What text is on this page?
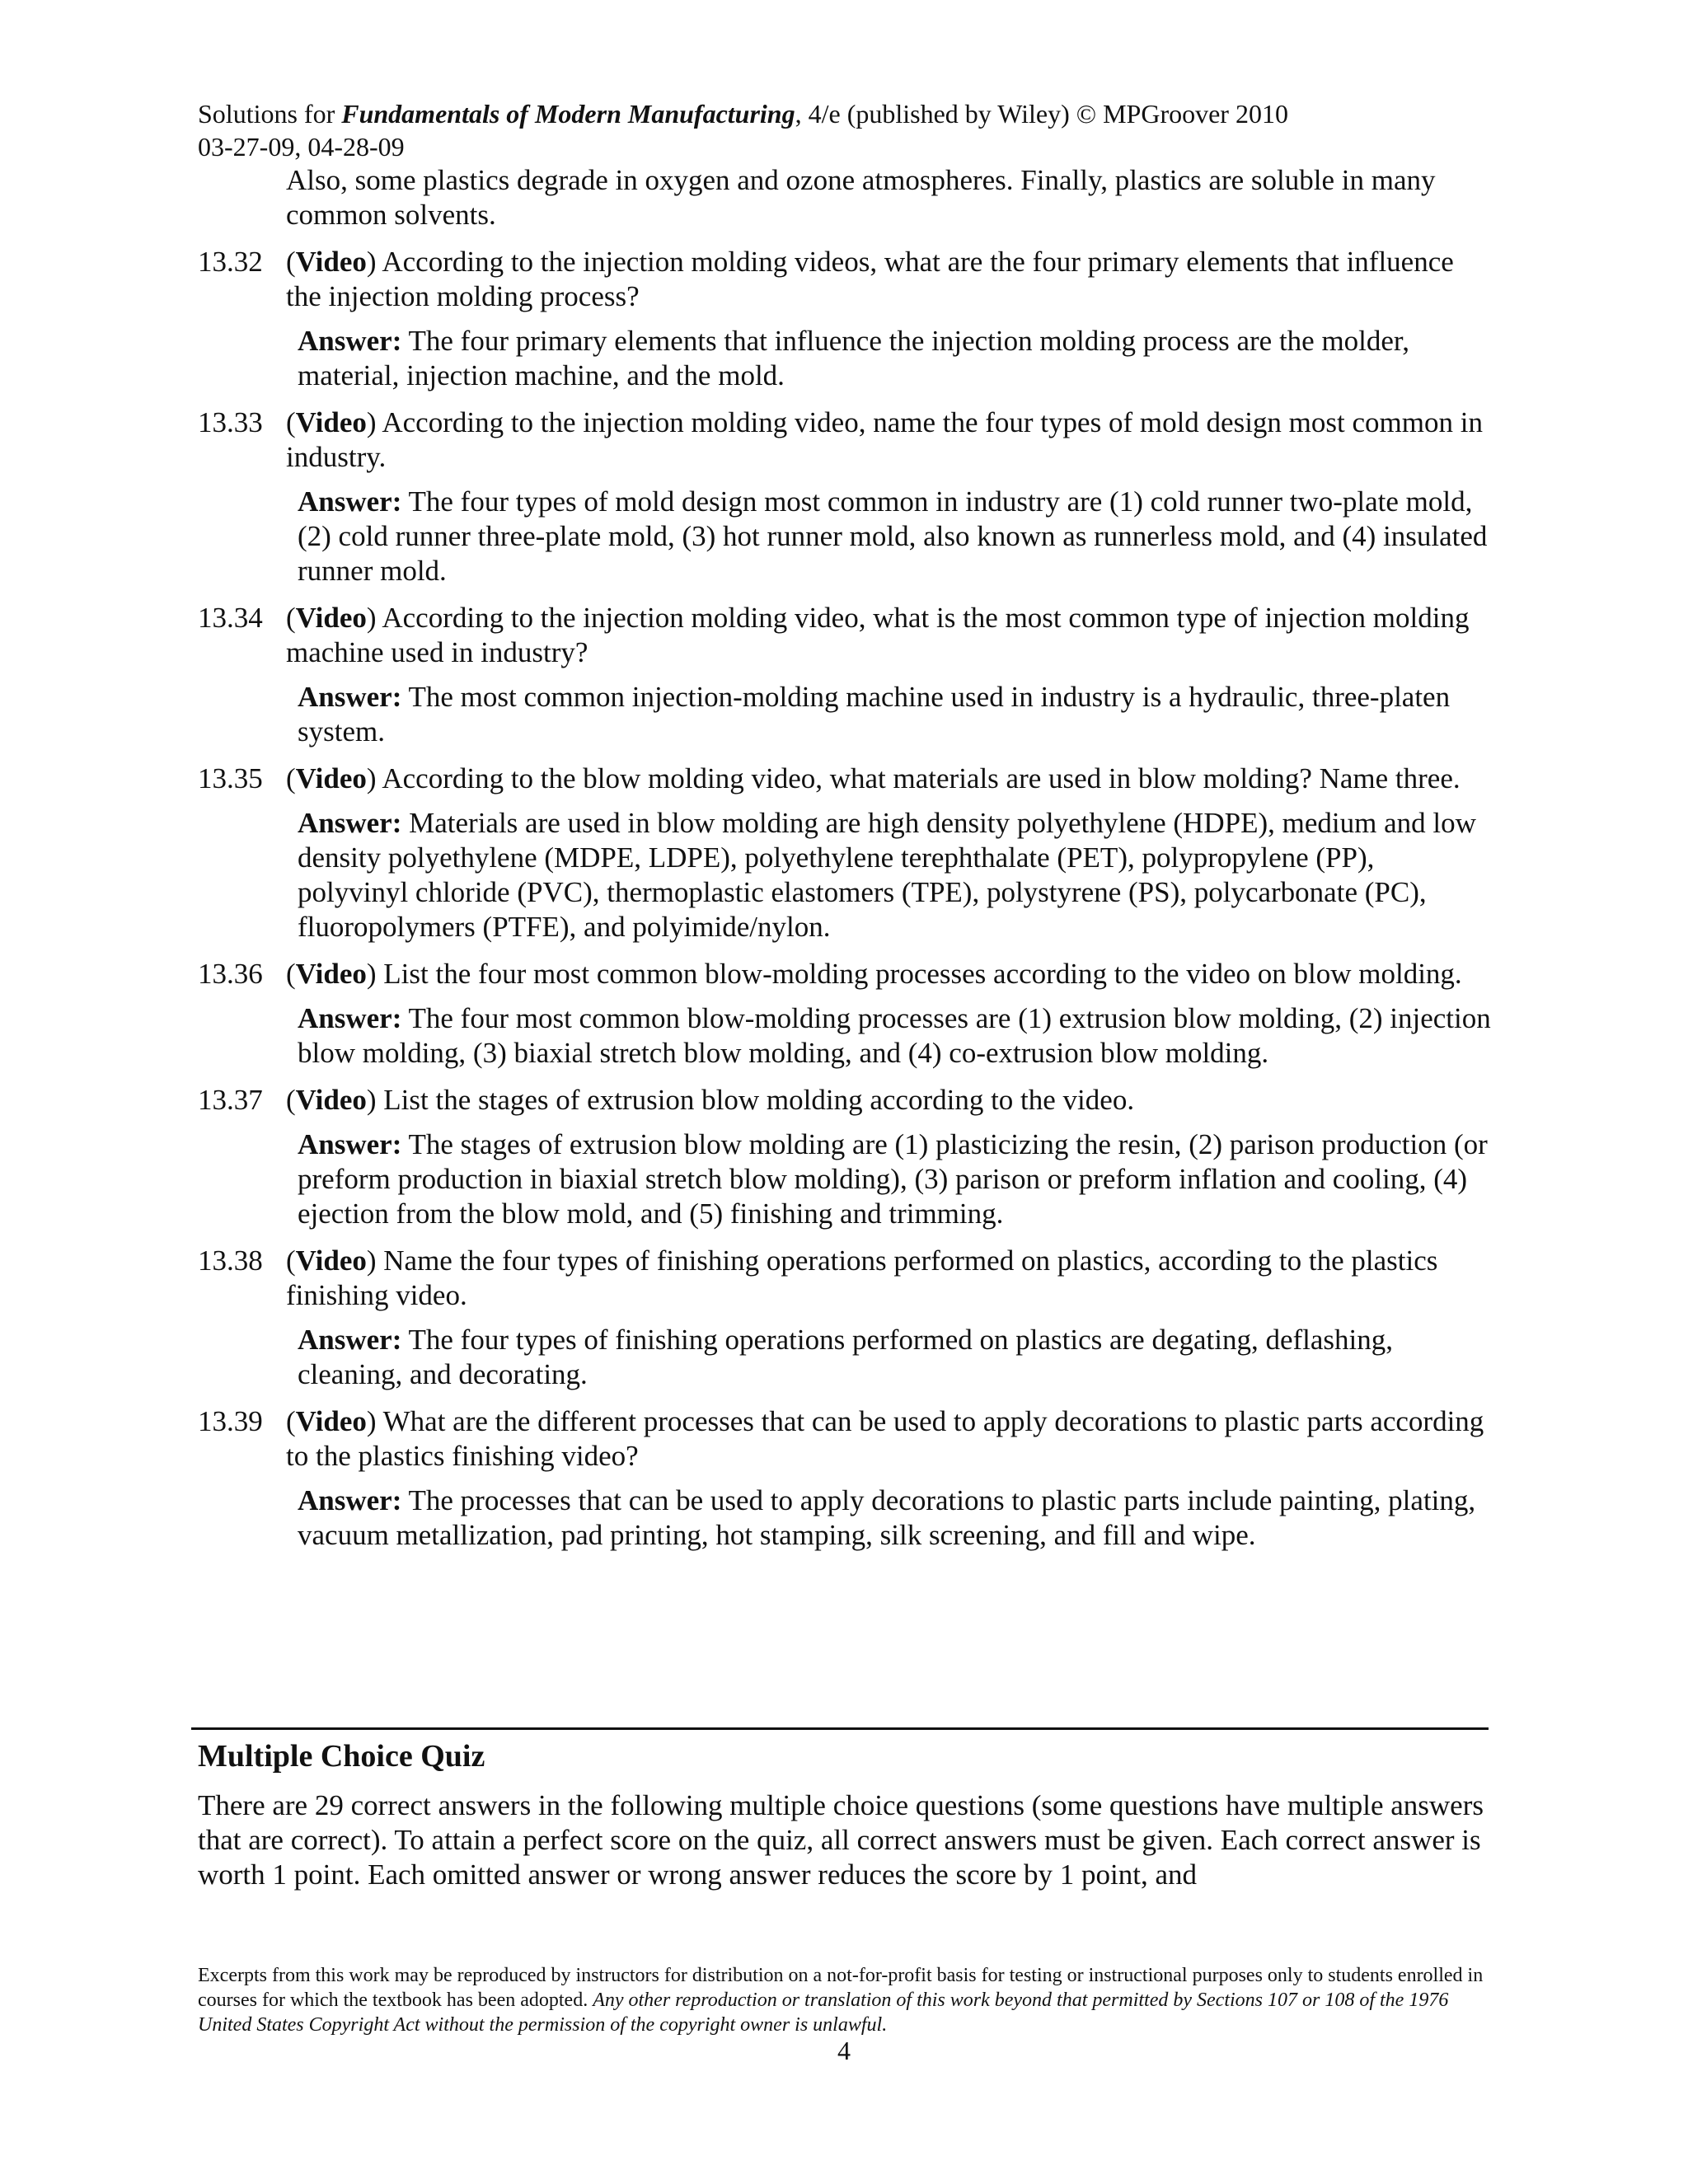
Solutions for Fundamentals of Modern Manufacturing, 4/e (published by Wiley) © MPGroover 2010
03-27-09, 04-28-09

Also, some plastics degrade in oxygen and ozone atmospheres. Finally, plastics are soluble in many common solvents.

13.32 (Video) According to the injection molding videos, what are the four primary elements that influence the injection molding process?

Answer: The four primary elements that influence the injection molding process are the molder, material, injection machine, and the mold.

13.33 (Video) According to the injection molding video, name the four types of mold design most common in industry.

Answer: The four types of mold design most common in industry are (1) cold runner two-plate mold, (2) cold runner three-plate mold, (3) hot runner mold, also known as runnerless mold, and (4) insulated runner mold.

13.34 (Video) According to the injection molding video, what is the most common type of injection molding machine used in industry?

Answer: The most common injection-molding machine used in industry is a hydraulic, three-platen system.

13.35 (Video) According to the blow molding video, what materials are used in blow molding? Name three.

Answer: Materials are used in blow molding are high density polyethylene (HDPE), medium and low density polyethylene (MDPE, LDPE), polyethylene terephthalate (PET), polypropylene (PP), polyvinyl chloride (PVC), thermoplastic elastomers (TPE), polystyrene (PS), polycarbonate (PC), fluoropolymers (PTFE), and polyimide/nylon.

13.36 (Video) List the four most common blow-molding processes according to the video on blow molding.

Answer: The four most common blow-molding processes are (1) extrusion blow molding, (2) injection blow molding, (3) biaxial stretch blow molding, and (4) co-extrusion blow molding.

13.37 (Video) List the stages of extrusion blow molding according to the video.

Answer: The stages of extrusion blow molding are (1) plasticizing the resin, (2) parison production (or preform production in biaxial stretch blow molding), (3) parison or preform inflation and cooling, (4) ejection from the blow mold, and (5) finishing and trimming.

13.38 (Video) Name the four types of finishing operations performed on plastics, according to the plastics finishing video.

Answer: The four types of finishing operations performed on plastics are degating, deflashing, cleaning, and decorating.

13.39 (Video) What are the different processes that can be used to apply decorations to plastic parts according to the plastics finishing video?

Answer: The processes that can be used to apply decorations to plastic parts include painting, plating, vacuum metallization, pad printing, hot stamping, silk screening, and fill and wipe.

Multiple Choice Quiz

There are 29 correct answers in the following multiple choice questions (some questions have multiple answers that are correct). To attain a perfect score on the quiz, all correct answers must be given. Each correct answer is worth 1 point. Each omitted answer or wrong answer reduces the score by 1 point, and

Excerpts from this work may be reproduced by instructors for distribution on a not-for-profit basis for testing or instructional purposes only to students enrolled in courses for which the textbook has been adopted. Any other reproduction or translation of this work beyond that permitted by Sections 107 or 108 of the 1976 United States Copyright Act without the permission of the copyright owner is unlawful.
4
